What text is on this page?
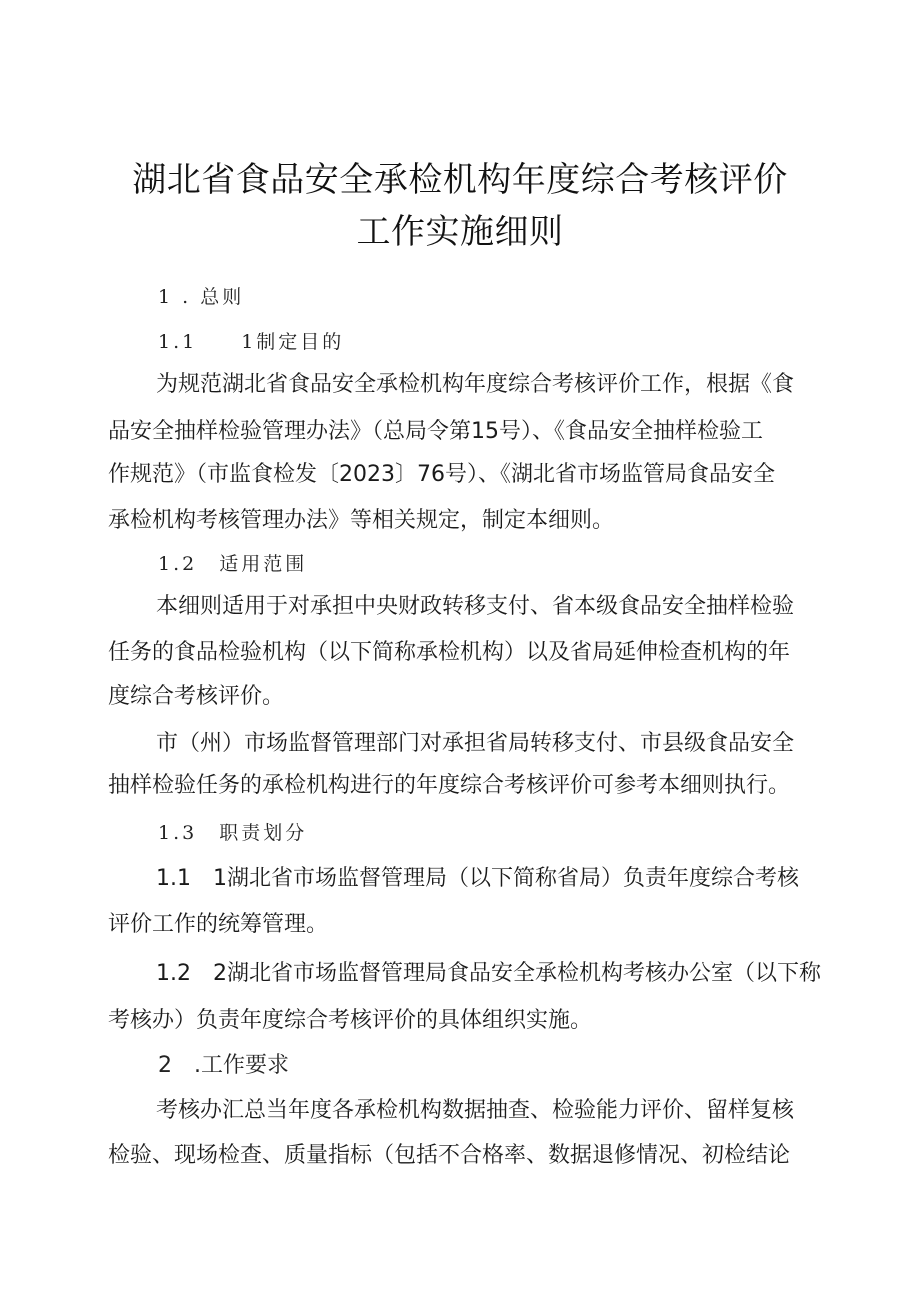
湖北省食品安全承检机构年度综合考核评价
工作实施细则
1 . 总则
1.1　　1制定目的
为规范湖北省食品安全承检机构年度综合考核评价工作，根据《食
品安全抽样检验管理办法》（总局令第15号）、《食品安全抽样检验工
作规范》（市监食检发〔2023〕76号）、《湖北省市场监管局食品安全
承检机构考核管理办法》等相关规定，制定本细则。
1.2　适用范围
本细则适用于对承担中央财政转移支付、省本级食品安全抽样检验
任务的食品检验机构（以下简称承检机构）以及省局延伸检查机构的年
度综合考核评价。
市（州）市场监督管理部门对承担省局转移支付、市县级食品安全
抽样检验任务的承检机构进行的年度综合考核评价可参考本细则执行。
1.3　职责划分
1.1　1湖北省市场监督管理局（以下简称省局）负责年度综合考核
评价工作的统筹管理。
1.2　2湖北省市场监督管理局食品安全承检机构考核办公室（以下称
考核办）负责年度综合考核评价的具体组织实施。
2　.工作要求
考核办汇总当年度各承检机构数据抽查、检验能力评价、留样复核
检验、现场检查、质量指标（包括不合格率、数据退修情况、初检结论
